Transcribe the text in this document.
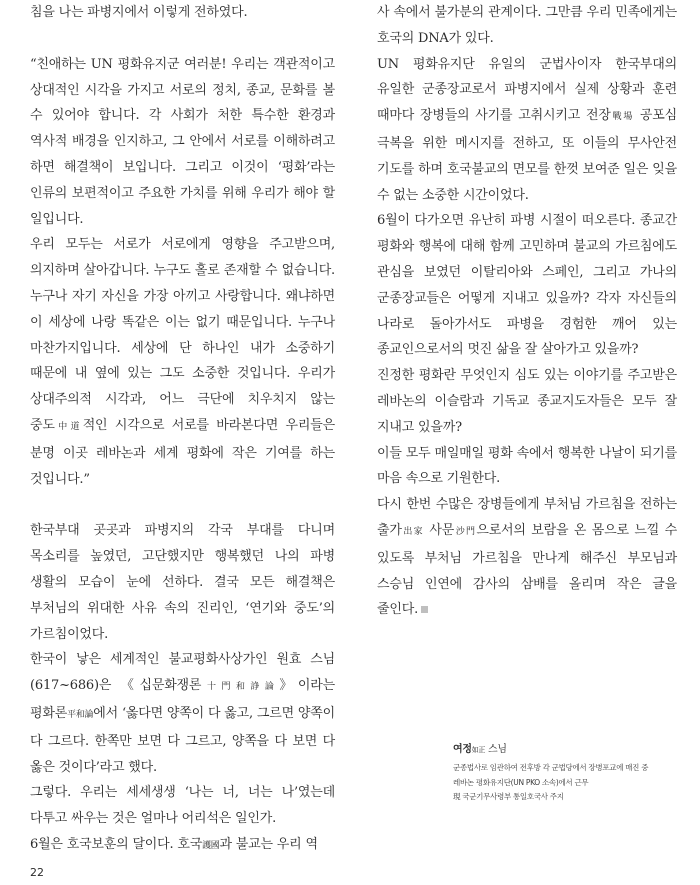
침을 나는 파병지에서 이렇게 전하였다.

“친애하는 UN 평화유지군 여러분! 우리는 객관적이고 상대적인 시각을 가지고 서로의 정치, 종교, 문화를 볼 수 있어야 합니다. 각 사회가 처한 특수한 환경과 역사적 배경을 인지하고, 그 안에서 서로를 이해하려고 하면 해결책이 보입니다. 그리고 이것이 ‘평화’라는 인류의 보편적이고 주요한 가치를 위해 우리가 해야 할 일입니다.

우리 모두는 서로가 서로에게 영향을 주고받으며, 의지하며 살아갑니다. 누구도 홀로 존재할 수 없습니다. 누구나 자기 자신을 가장 아끼고 사랑합니다. 왜냐하면 이 세상에 나랑 똑같은 이는 없기 때문입니다. 누구나 마찬가지입니다. 세상에 단 하나인 내가 소중하기 때문에 내 옆에 있는 그도 소중한 것입니다. 우리가 상대주의적 시각과, 어느 극단에 치우치지 않는 중도中道적인 시각으로 서로를 바라본다면 우리들은 분명 이곳 레바논과 세계 평화에 작은 기여를 하는 것입니다.”

한국부대 곳곳과 파병지의 각국 부대를 다니며 목소리를 높였던, 고단했지만 행복했던 나의 파병 생활의 모습이 눈에 선하다. 결국 모든 해결책은 부처님의 위대한 사유 속의 진리인, ‘연기와 중도’의 가르침이었다.

한국이 낳은 세계적인 불교평화사상가인 원효 스님(617~686)은 《십문화쟁론十門和諍論》이라는 평화론平和論에서 ‘옳다면 양쪽이 다 옳고, 그르면 양쪽이 다 그르다. 한쪽만 보면 다 그르고, 양쪽을 다 보면 다 옳은 것이다’라고 했다.

그렇다. 우리는 세세생생 ‘나는 너, 너는 나’였는데 다투고 싸우는 것은 얼마나 어리석은 일인가.

6월은 호국보훈의 달이다. 호국護國과 불교는 우리 역

사 속에서 불가분의 관계이다. 그만큼 우리 민족에게는 호국의 DNA가 있다.

UN 평화유지단 유일의 군법사이자 한국부대의 유일한 군종장교로서 파병지에서 실제 상황과 훈련 때마다 장병들의 사기를 고취시키고 전장戰場 공포심 극복을 위한 메시지를 전하고, 또 이들의 무사안전 기도를 하며 호국불교의 면모를 한껏 보여준 일은 잊을 수 없는 소중한 시간이었다.

6월이 다가오면 유난히 파병 시절이 떠오른다. 종교간 평화와 행복에 대해 함께 고민하며 불교의 가르침에도 관심을 보였던 이탈리아와 스페인, 그리고 가나의 군종장교들은 어떻게 지내고 있을까? 각자 자신들의 나라로 돌아가서도 파병을 경험한 깨어 있는 종교인으로서의 멋진 삶을 잘 살아가고 있을까?

진정한 평화란 무엇인지 심도 있는 이야기를 주고받은 레바논의 이슬람과 기독교 종교지도자들은 모두 잘 지내고 있을까?

이들 모두 매일매일 평화 속에서 행복한 나날이 되기를 마음 속으로 기원한다.

다시 한번 수많은 장병들에게 부처님 가르침을 전하는 출가出家 사문沙門으로서의 보람을 온 몸으로 느낄 수 있도록 부처님 가르침을 만나게 해주신 부모님과 스승님 인연에 감사의 삼배를 올리며 작은 글을 줄인다.

여정如正 스님

군종법사로 임관하여 전후방 각 군법당에서 장병포교에 매진 중

레바논 평화유지단(UN PKO 소속)에서 근무

現 국군기무사령부 통일호국사 주지

22
